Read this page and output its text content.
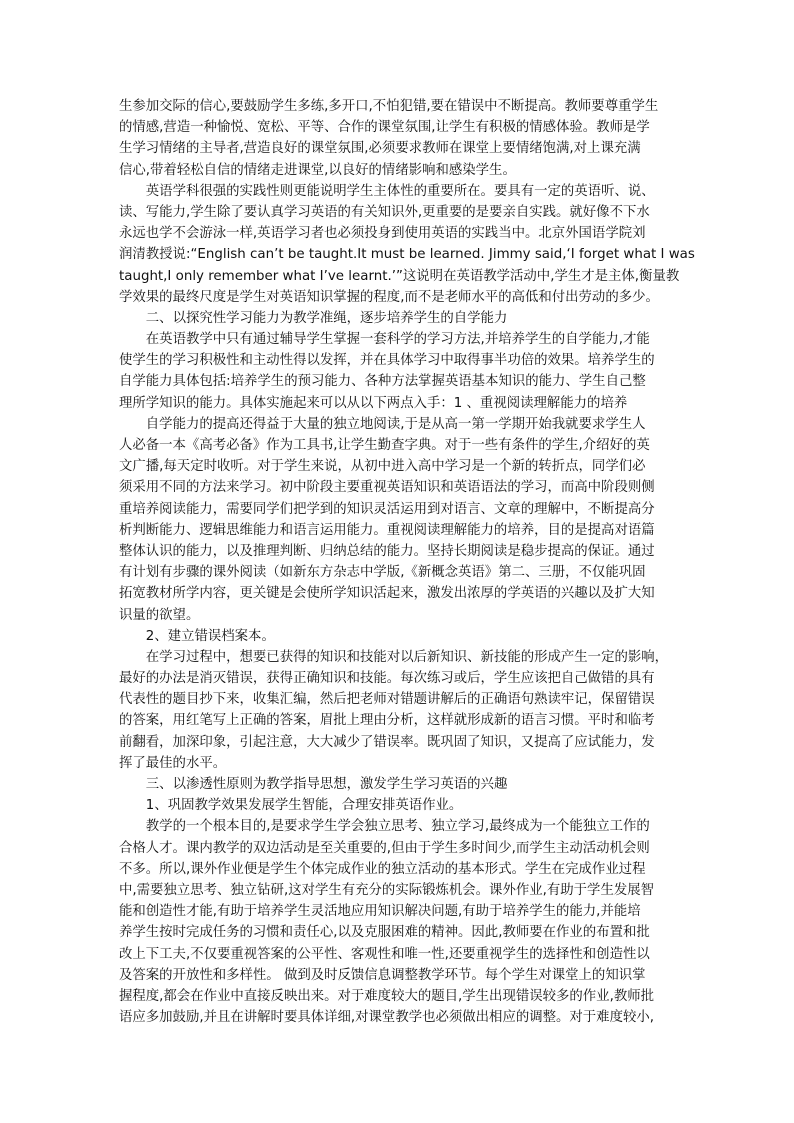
生参加交际的信心,要鼓励学生多练,多开口,不怕犯错,要在错误中不断提高。教师要尊重学生
的情感,营造一种愉悦、宽松、平等、合作的课堂氛围,让学生有积极的情感体验。教师是学
生学习情绪的主导者,营造良好的课堂氛围,必须要求教师在课堂上要情绪饱满,对上课充满
信心,带着轻松自信的情绪走进课堂,以良好的情绪影响和感染学生。
英语学科很强的实践性则更能说明学生主体性的重要所在。要具有一定的英语听、说、
读、写能力,学生除了要认真学习英语的有关知识外,更重要的是要亲自实践。就好像不下水
永远也学不会游泳一样,英语学习者也必须投身到使用英语的实践当中。北京外国语学院刘
润清教授说:“English can’t be taught.It must be learned. Jimmy said,‘I forget what I was
taught,I only remember what I’ve learnt.’”这说明在英语教学活动中,学生才是主体,衡量教
学效果的最终尺度是学生对英语知识掌握的程度,而不是老师水平的高低和付出劳动的多少。
二、以探究性学习能力为教学准绳，逐步培养学生的自学能力
在英语教学中只有通过辅导学生掌握一套科学的学习方法,并培养学生的自学能力,才能
使学生的学习积极性和主动性得以发挥，并在具体学习中取得事半功倍的效果。培养学生的
自学能力具体包括:培养学生的预习能力、各种方法掌握英语基本知识的能力、学生自己整
理所学知识的能力。具体实施起来可以从以下两点入手：1 、重视阅读理解能力的培养
自学能力的提高还得益于大量的独立地阅读,于是从高一第一学期开始我就要求学生人
人必备一本《高考必备》作为工具书,让学生勤查字典。对于一些有条件的学生,介绍好的英
文广播,每天定时收听。对于学生来说，从初中进入高中学习是一个新的转折点，同学们必
须采用不同的方法来学习。初中阶段主要重视英语知识和英语语法的学习，而高中阶段则侧
重培养阅读能力，需要同学们把学到的知识灵活运用到对语言、文章的理解中，不断提高分
析判断能力、逻辑思维能力和语言运用能力。重视阅读理解能力的培养，目的是提高对语篇
整体认识的能力，以及推理判断、归纳总结的能力。坚持长期阅读是稳步提高的保证。通过
有计划有步骤的课外阅读（如新东方杂志中学版,《新概念英语》第二、三册，不仅能巩固
拓宽教材所学内容，更关键是会使所学知识活起来，激发出浓厚的学英语的兴趣以及扩大知
识量的欲望。
2、建立错误档案本。
在学习过程中，想要已获得的知识和技能对以后新知识、新技能的形成产生一定的影响，
最好的办法是消灭错误，获得正确知识和技能。每次练习或后，学生应该把自己做错的具有
代表性的题目抄下来，收集汇编，然后把老师对错题讲解后的正确语句熟读牢记，保留错误
的答案，用红笔写上正确的答案，眉批上理由分析，这样就形成新的语言习惯。平时和临考
前翻看，加深印象，引起注意，大大减少了错误率。既巩固了知识，又提高了应试能力，发
挥了最佳的水平。
三、以渗透性原则为教学指导思想，激发学生学习英语的兴趣
1、巩固教学效果发展学生智能，合理安排英语作业。
教学的一个根本目的,是要求学生学会独立思考、独立学习,最终成为一个能独立工作的
合格人才。课内教学的双边活动是至关重要的,但由于学生多时间少,而学生主动活动机会则
不多。所以,课外作业便是学生个体完成作业的独立活动的基本形式。学生在完成作业过程
中,需要独立思考、独立钻研,这对学生有充分的实际锻炼机会。课外作业,有助于学生发展智
能和创造性才能,有助于培养学生灵活地应用知识解决问题,有助于培养学生的能力,并能培
养学生按时完成任务的习惯和责任心,以及克服困难的精神。因此,教师要在作业的布置和批
改上下工夫,不仅要重视答案的公平性、客观性和唯一性,还要重视学生的选择性和创造性以
及答案的开放性和多样性。 做到及时反馈信息调整教学环节。每个学生对课堂上的知识掌
握程度,都会在作业中直接反映出来。对于难度较大的题目,学生出现错误较多的作业,教师批
语应多加鼓励,并且在讲解时要具体详细,对课堂教学也必须做出相应的调整。对于难度较小,
